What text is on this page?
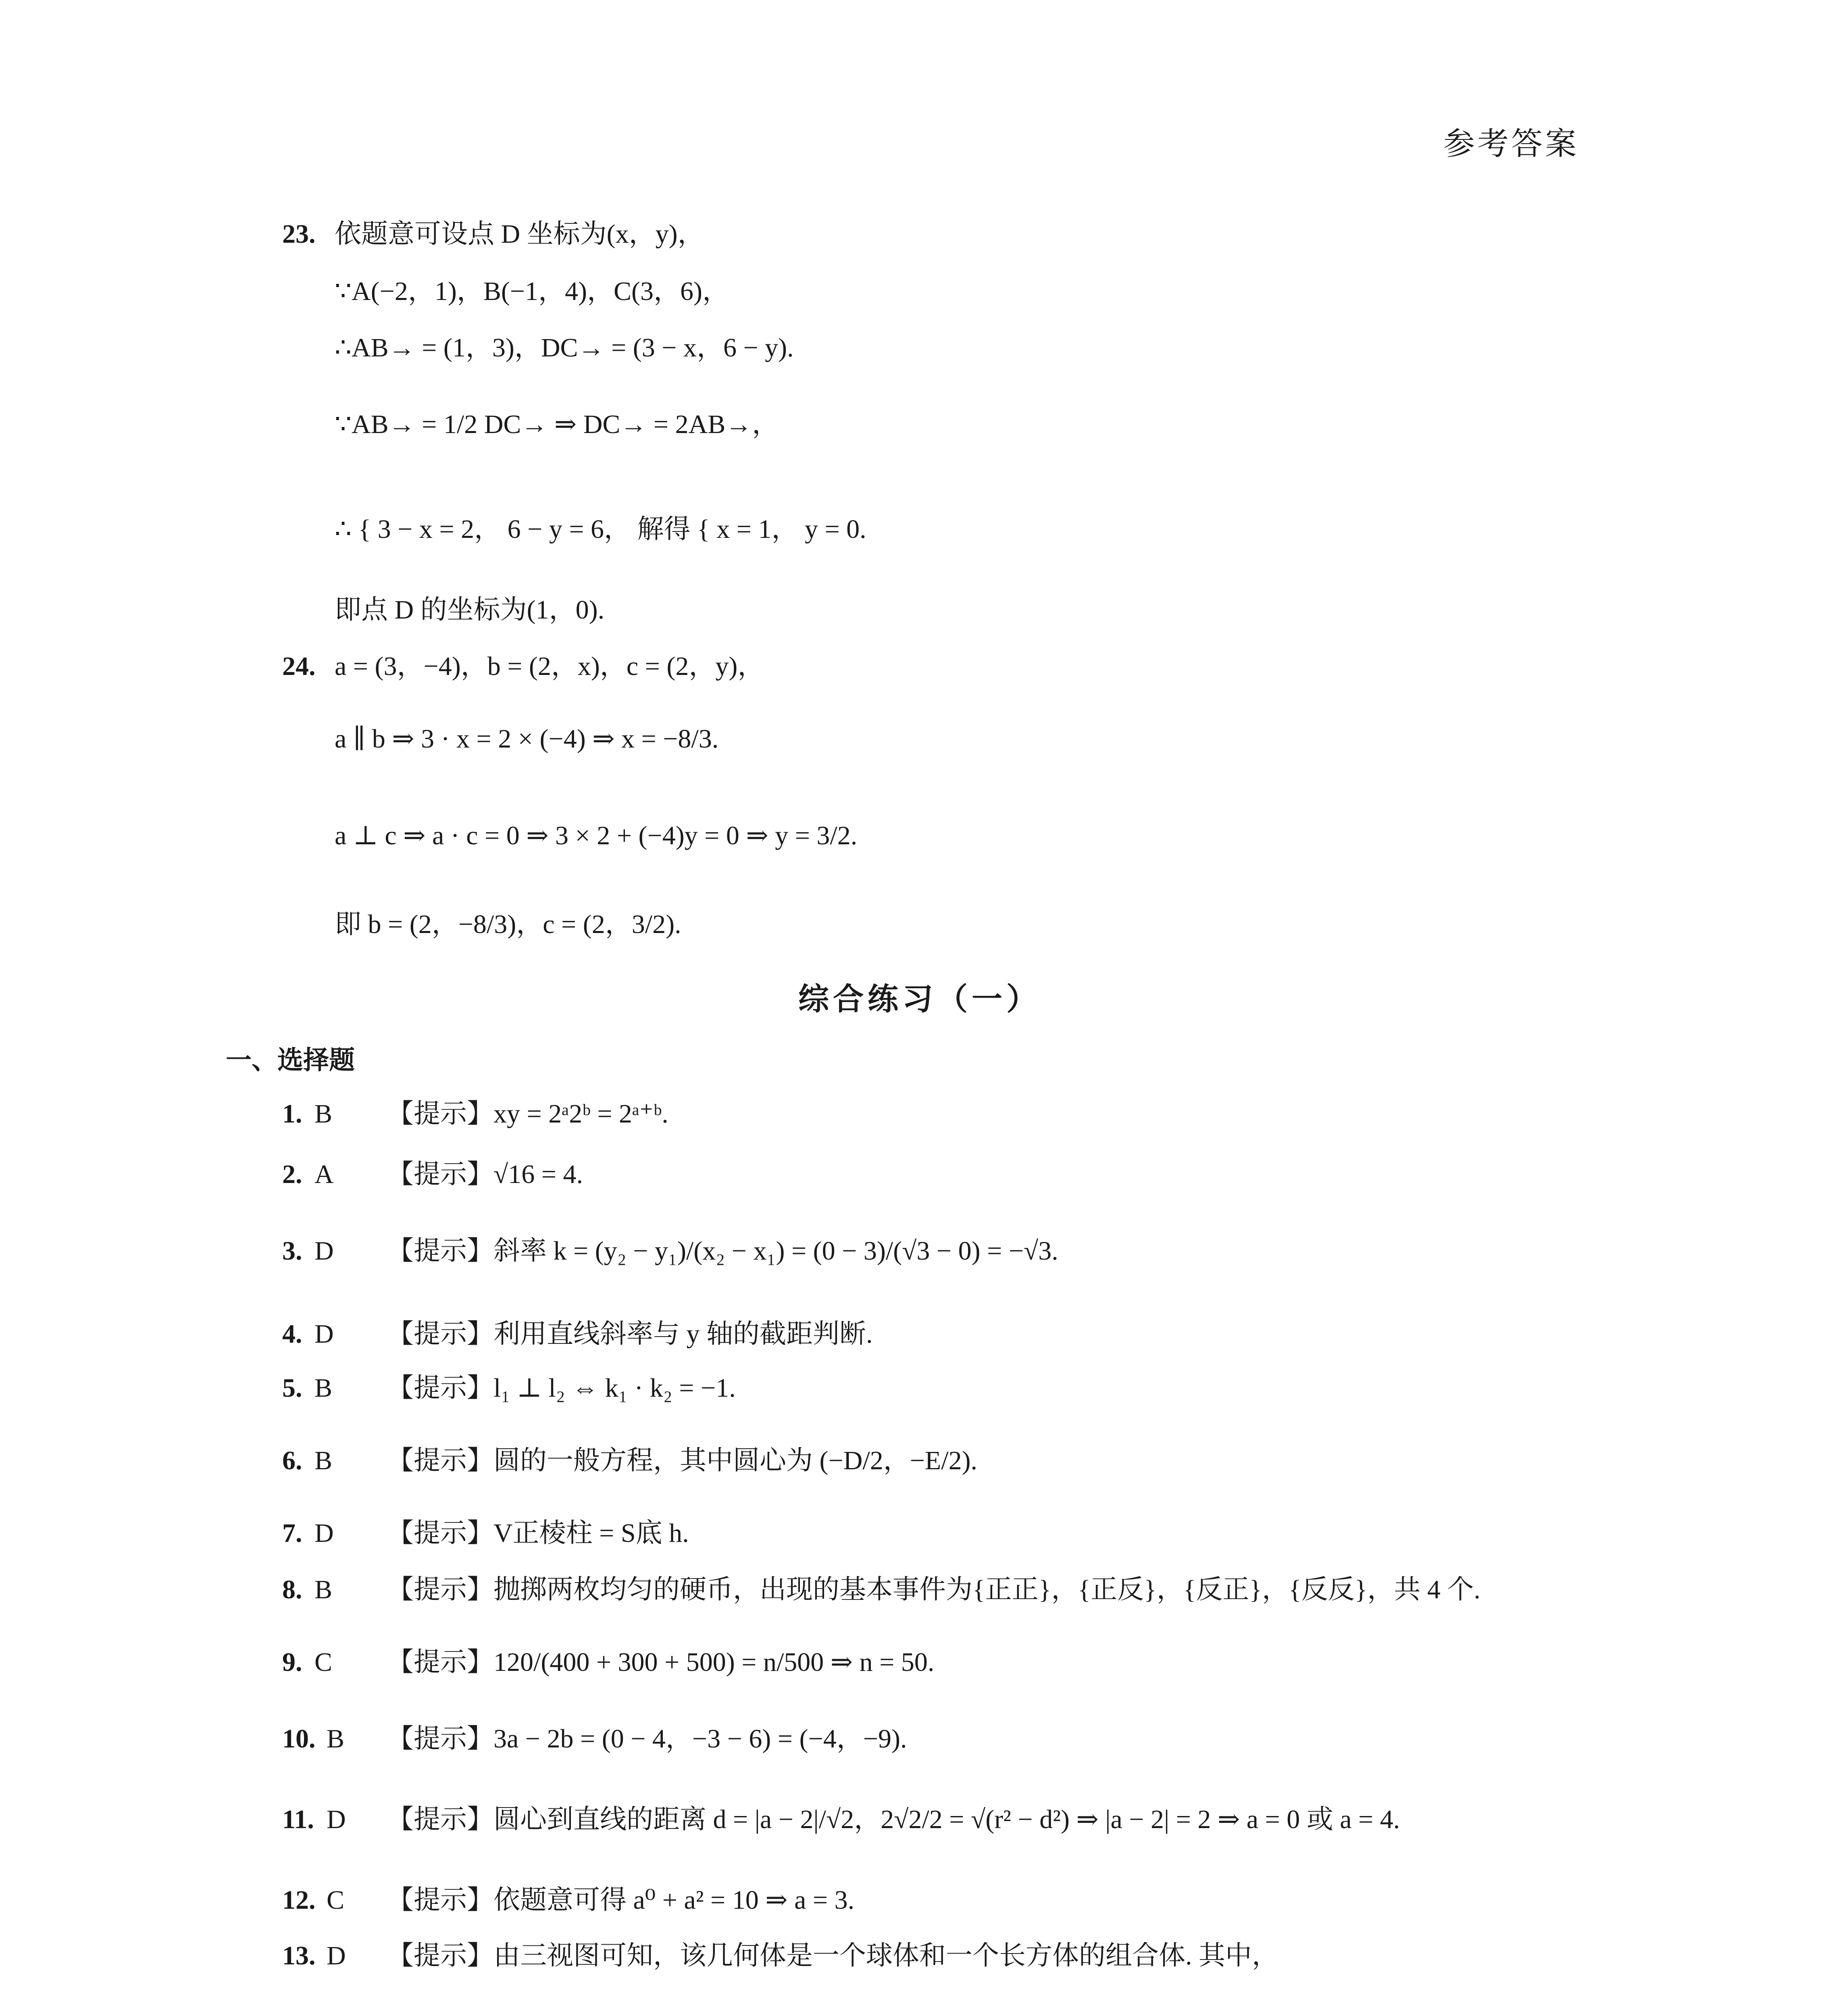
参考答案
23. 依题意可设点 D 坐标为(x，y)，
∵A(−2，1)，B(−1，4)，C(3，6)，
∴AB→ = (1，3)，DC→ = (3 − x，6 − y).
∵AB→ = 1/2 DC→ ⇒ DC→ = 2AB→，
∴ { 3 − x = 2， 6 − y = 6， 解得 { x = 1， y = 0.
即点 D 的坐标为(1，0).
24. a = (3，−4)，b = (2，x)，c = (2，y)，
a ∥ b ⇒ 3 · x = 2 × (−4) ⇒ x = −8/3.
a ⊥ c ⇒ a · c = 0 ⇒ 3 × 2 + (−4)y = 0 ⇒ y = 3/2.
即 b = (2，−8/3)，c = (2，3/2).
综合练习（一）
一、选择题
1. B 【提示】xy = 2ᵃ2ᵇ = 2ᵃ⁺ᵇ.
2. A 【提示】√16 = 4.
3. D 【提示】斜率 k = (y₂ − y₁)/(x₂ − x₁) = (0 − 3)/(√3 − 0) = −√3.
4. D 【提示】利用直线斜率与 y 轴的截距判断.
5. B 【提示】l₁ ⊥ l₂ ⇔ k₁ · k₂ = −1.
6. B 【提示】圆的一般方程，其中圆心为 (−D/2，−E/2).
7. D 【提示】V正棱柱 = S底 h.
8. B 【提示】抛掷两枚均匀的硬币，出现的基本事件为{正正}，{正反}，{反正}，{反反}，共 4 个.
9. C 【提示】120/(400 + 300 + 500) = n/500 ⇒ n = 50.
10. B 【提示】3a − 2b = (0 − 4，−3 − 6) = (−4，−9).
11. D 【提示】圆心到直线的距离 d = |a − 2|/√2，2√2/2 = √(r² − d²) ⇒ |a − 2| = 2 ⇒ a = 0 或 a = 4.
12. C 【提示】依题意可得 a⁰ + a² = 10 ⇒ a = 3.
13. D 【提示】由三视图可知，该几何体是一个球体和一个长方体的组合体. 其中，
